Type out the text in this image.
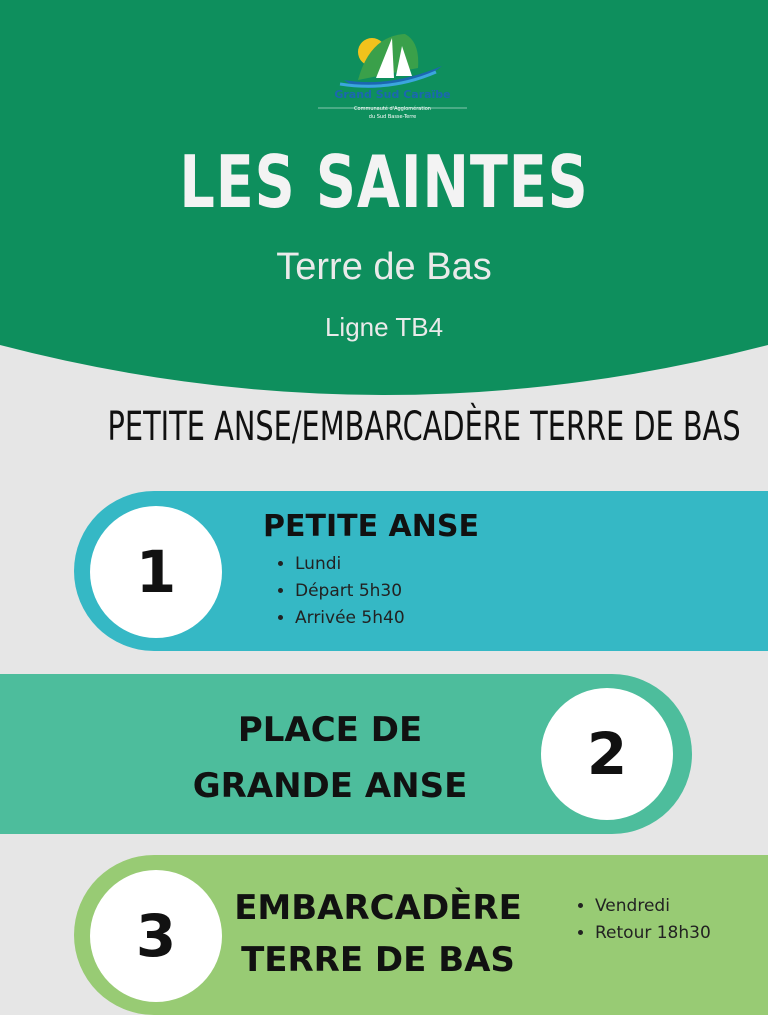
Grand Sud Caraïbe
Communauté d'Agglomération
du Sud Basse-Terre
LES SAINTES
Terre de Bas
Ligne TB4
PETITE ANSE/EMBARCADÈRE TERRE DE BAS
1
PETITE ANSE
• Lundi
• Départ 5h30
• Arrivée 5h40
PLACE DE
GRANDE ANSE	2
3	EMBARCADÈRE
TERRE DE BAS
• Vendredi
• Retour 18h30
